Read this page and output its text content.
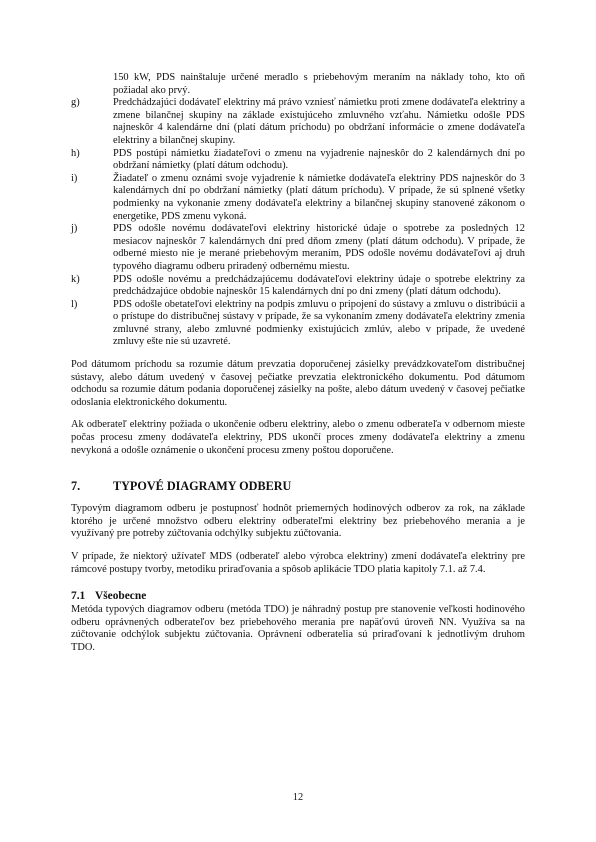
150 kW, PDS nainštaluje určené meradlo s priebehovým meraním na náklady toho, kto oň požiadal ako prvý.
g)	Predchádzajúci dodávateľ elektriny má právo vzniesť námietku proti zmene dodávateľa elektriny a zmene bilančnej skupiny na základe existujúceho zmluvného vzťahu. Námietku odošle PDS najneskôr 4 kalendárne dní (platí dátum príchodu) po obdržaní informácie o zmene dodávateľa elektriny a bilančnej skupiny.
h)	PDS postúpi námietku žiadateľovi o zmenu na vyjadrenie najneskôr do 2 kalendárnych dní po obdržaní námietky (platí dátum odchodu).
i)	Žiadateľ o zmenu oznámi svoje vyjadrenie k námietke dodávateľa elektriny PDS najneskôr do 3 kalendárnych dní po obdržaní námietky (platí dátum príchodu). V prípade, že sú splnené všetky podmienky na vykonanie zmeny dodávateľa elektriny a bilančnej skupiny stanovené zákonom o energetike, PDS zmenu vykoná.
j)	PDS odošle novému dodávateľovi elektriny historické údaje o spotrebe za posledných 12 mesiacov najneskôr 7 kalendárnych dní pred dňom zmeny (platí dátum odchodu). V prípade, že odberné miesto nie je merané priebehovým meraním, PDS odošle novému dodávateľovi aj druh typového diagramu odberu priradený odbernému miestu.
k)	PDS odošle novému a predchádzajúcemu dodávateľovi elektriny údaje o spotrebe elektriny za predchádzajúce obdobie najneskôr 15 kalendárnych dní po dni zmeny (platí dátum odchodu).
l)	PDS odošle obetateľovi elektriny na podpis zmluvu o pripojení do sústavy a zmluvu o distribúcii a o prístupe do distribučnej sústavy v prípade, že sa vykonaním zmeny dodávateľa elektriny zmenia zmluvné strany, alebo zmluvné podmienky existujúcich zmlúv, alebo v prípade, že uvedené zmluvy ešte nie sú uzavreté.

Pod dátumom príchodu sa rozumie dátum prevzatia doporučenej zásielky prevádzkovateľom distribučnej sústavy, alebo dátum uvedený v časovej pečiatke prevzatia elektronického dokumentu. Pod dátumom odchodu sa rozumie dátum podania doporučenej zásielky na pošte, alebo dátum uvedený v časovej pečiatke odoslania elektronického dokumentu.

Ak odberateľ elektriny požiada o ukončenie odberu elektriny, alebo o zmenu odberateľa v odbernom mieste počas procesu zmeny dodávateľa elektriny, PDS ukončí proces zmeny dodávateľa elektriny a zmenu nevykoná a odošle oznámenie o ukončení procesu zmeny poštou doporučene.

7.	TYPOVÉ DIAGRAMY ODBERU

Typovým diagramom odberu je postupnosť hodnôt priemerných hodinových odberov za rok, na základe ktorého je určené množstvo odberu elektriny odberateľmi elektriny bez priebehového merania a je využívaný pre potreby zúčtovania odchýlky subjektu zúčtovania.

V prípade, že niektorý užívateľ MDS (odberateľ alebo výrobca elektriny) zmení dodávateľa elektriny pre rámcové postupy tvorby, metodiku priraďovania a spôsob aplikácie TDO platia kapitoly 7.1. až 7.4.

7.1 Všeobecne

Metóda typových diagramov odberu (metóda TDO) je náhradný postup pre stanovenie veľkosti hodinového odberu oprávnených odberateľov bez priebehového merania pre napäťovú úroveň NN. Využíva sa na zúčtovanie odchýlok subjektu zúčtovania. Oprávnení odberatelia sú priraďovaní k jednotlivým druhom TDO.

12
